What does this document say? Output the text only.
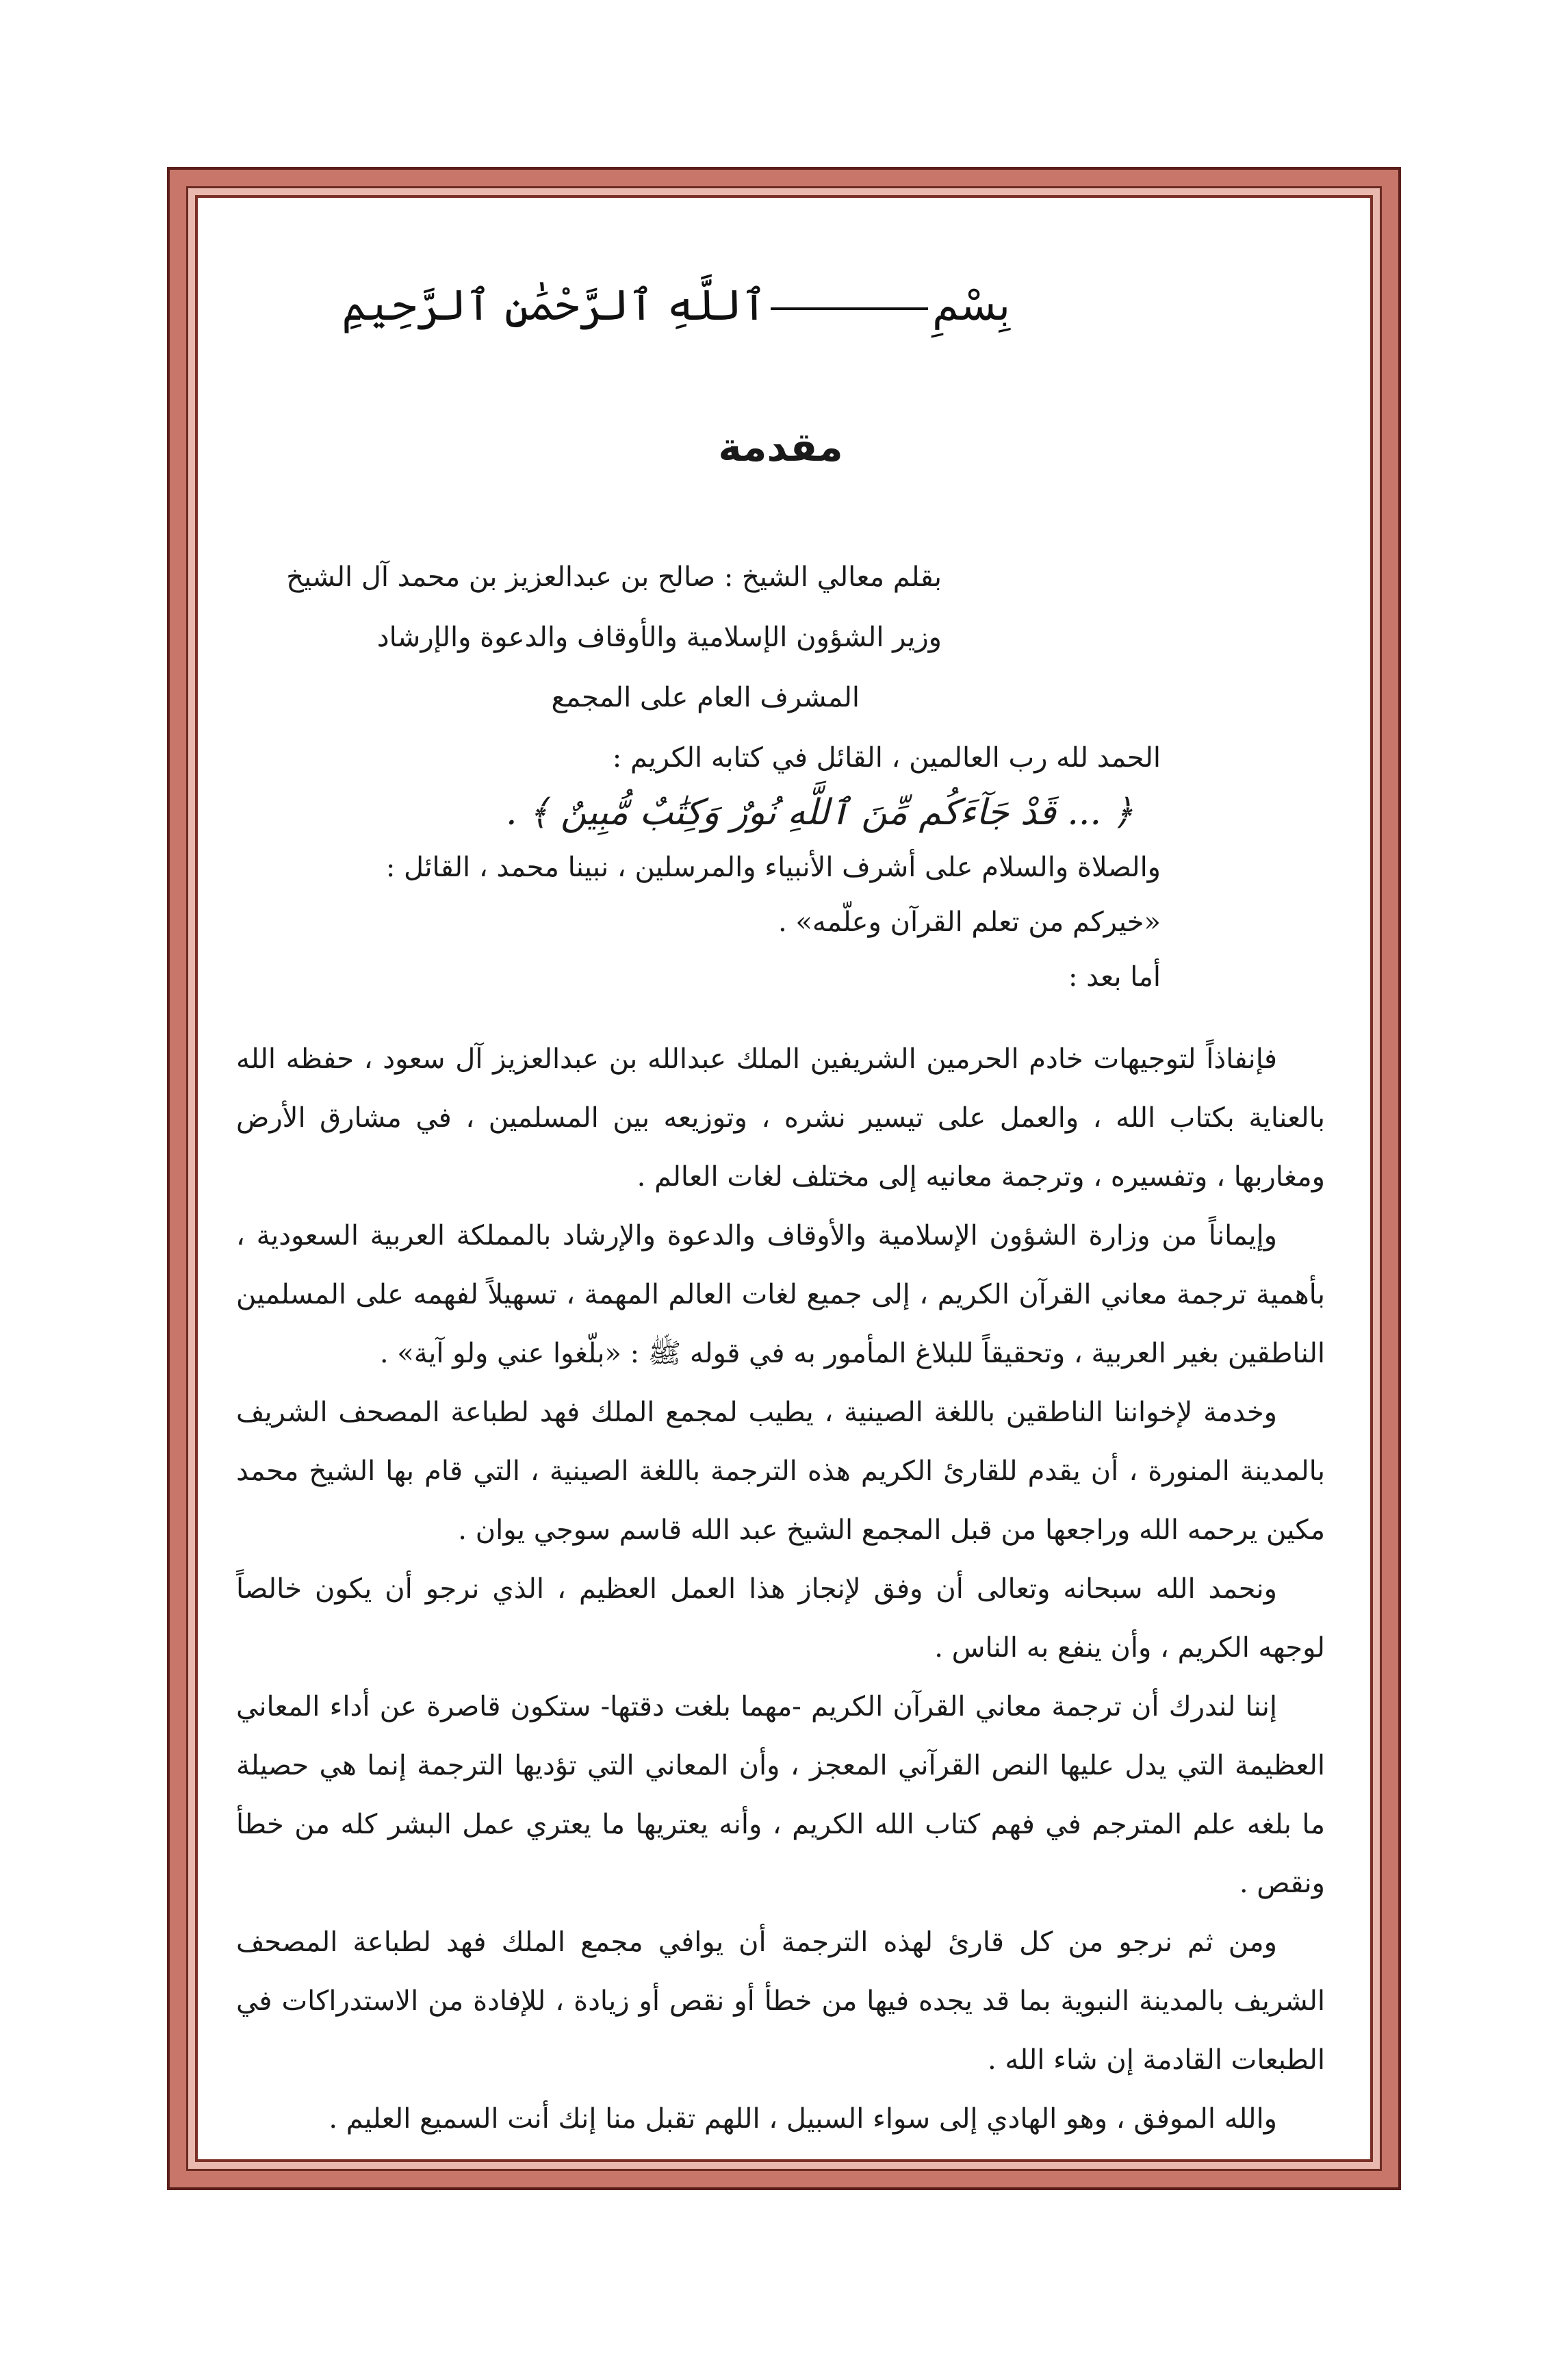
بِسْمِٱللَّهِ ٱلرَّحْمَٰنِ ٱلرَّحِيمِ
مقدمة
بقلم معالي الشيخ : صالح بن عبدالعزيز بن محمد آل الشيخ
وزير الشؤون الإسلامية والأوقاف والدعوة والإرشاد
المشرف العام على المجمع
الحمد لله رب العالمين ، القائل في كتابه الكريم :
﴿ ... قَدْ جَآءَكُم مِّنَ ٱللَّهِ نُورٌ وَكِتَٰبٌ مُّبِينٌ ﴾ .
والصلاة والسلام على أشرف الأنبياء والمرسلين ، نبينا محمد ، القائل :
«خيركم من تعلم القرآن وعلّمه» .
أما بعد :

فإنفاذاً لتوجيهات خادم الحرمين الشريفين الملك عبدالله بن عبدالعزيز آل سعود ، حفظه الله بالعناية بكتاب الله ، والعمل على تيسير نشره ، وتوزيعه بين المسلمين ، في مشارق الأرض ومغاربها ، وتفسيره ، وترجمة معانيه إلى مختلف لغات العالم .

وإيماناً من وزارة الشؤون الإسلامية والأوقاف والدعوة والإرشاد بالمملكة العربية السعودية ، بأهمية ترجمة معاني القرآن الكريم ، إلى جميع لغات العالم المهمة ، تسهيلاً لفهمه على المسلمين الناطقين بغير العربية ، وتحقيقاً للبلاغ المأمور به في قوله ﷺ : «بلّغوا عني ولو آية» .

وخدمة لإخواننا الناطقين باللغة الصينية ، يطيب لمجمع الملك فهد لطباعة المصحف الشريف بالمدينة المنورة ، أن يقدم للقارئ الكريم هذه الترجمة باللغة الصينية ، التي قام بها الشيخ محمد مكين يرحمه الله وراجعها من قبل المجمع الشيخ عبد الله قاسم سوجي يوان .

ونحمد الله سبحانه وتعالى أن وفق لإنجاز هذا العمل العظيم ، الذي نرجو أن يكون خالصاً لوجهه الكريم ، وأن ينفع به الناس .

إننا لندرك أن ترجمة معاني القرآن الكريم -مهما بلغت دقتها- ستكون قاصرة عن أداء المعاني العظيمة التي يدل عليها النص القرآني المعجز ، وأن المعاني التي تؤديها الترجمة إنما هي حصيلة ما بلغه علم المترجم في فهم كتاب الله الكريم ، وأنه يعتريها ما يعتري عمل البشر كله من خطأ ونقص .

ومن ثم نرجو من كل قارئ لهذه الترجمة أن يوافي مجمع الملك فهد لطباعة المصحف الشريف بالمدينة النبوية بما قد يجده فيها من خطأ أو نقص أو زيادة ، للإفادة من الاستدراكات في الطبعات القادمة إن شاء الله .

والله الموفق ، وهو الهادي إلى سواء السبيل ، اللهم تقبل منا إنك أنت السميع العليم .
